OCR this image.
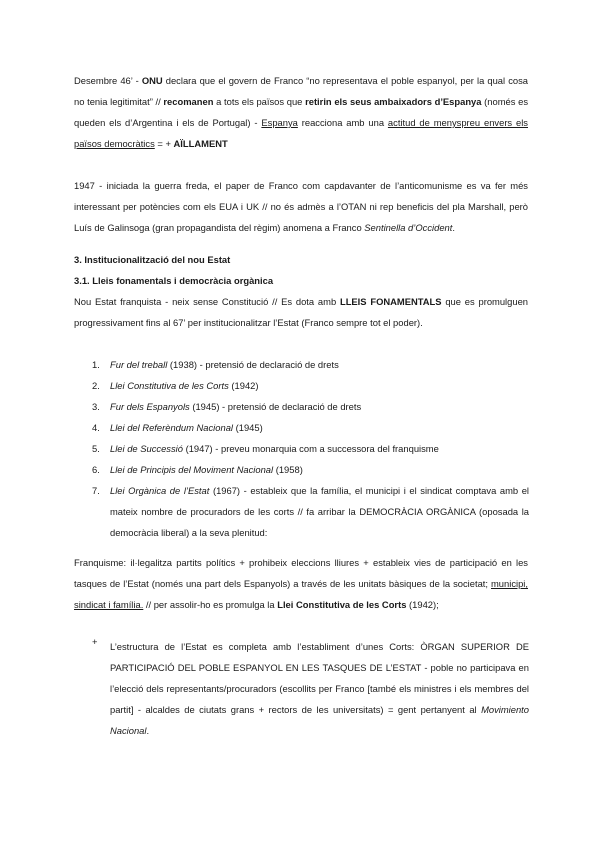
Desembre 46’ - ONU declara que el govern de Franco “no representava el poble espanyol, per la qual cosa no tenia legitimitat” // recomanen a tots els països que retirin els seus ambaixadors d’Espanya (només es queden els d’Argentina i els de Portugal) - Espanya reacciona amb una actitud de menyspreu envers els països democràtics = + AÏLLAMENT

1947 - iniciada la guerra freda, el paper de Franco com capdavanter de l’anticomunisme es va fer més interessant per potències com els EUA i UK // no és admès a l’OTAN ni rep beneficis del pla Marshall, però Luís de Galinsoga (gran propagandista del règim) anomena a Franco Sentinella d’Occident.

3. Institucionalització del nou Estat

3.1. Lleis fonamentals i democràcia orgànica

Nou Estat franquista - neix sense Constitució // Es dota amb LLEIS FONAMENTALS que es promulguen progressivament fins al 67’ per institucionalitzar l’Estat (Franco sempre tot el poder).

1.	Fur del treball (1938) - pretensió de declaració de drets
2.	Llei Constitutiva de les Corts (1942)
3.	Fur dels Espanyols (1945) - pretensió de declaració de drets
4.	Llei del Referèndum Nacional (1945)
5.	Llei de Successió (1947) - preveu monarquia com a successora del franquisme
6.	Llei de Principis del Moviment Nacional (1958)
7.	Llei Orgànica de l’Estat (1967) - estableix que la família, el municipi i el sindicat comptava amb el mateix nombre de procuradors de les corts // fa arribar la DEMOCRÀCIA ORGÀNICA (oposada la democràcia liberal) a la seva plenitud:

Franquisme: il·legalitza partits polítics + prohibeix eleccions lliures + estableix vies de participació en les tasques de l’Estat (només una part dels Espanyols) a través de les unitats bàsiques de la societat; municipi, sindicat i família. // per assolir-ho es promulga la Llei Constitutiva de les Corts (1942);

+ L’estructura de l’Estat es completa amb l’establiment d’unes Corts: ÒRGAN SUPERIOR DE PARTICIPACIÓ DEL POBLE ESPANYOL EN LES TASQUES DE L’ESTAT - poble no participava en l’elecció dels representants/procuradors (escollits per Franco [també els ministres i els membres del partit] - alcaldes de ciutats grans + rectors de les universitats) = gent pertanyent al Movimiento Nacional.
